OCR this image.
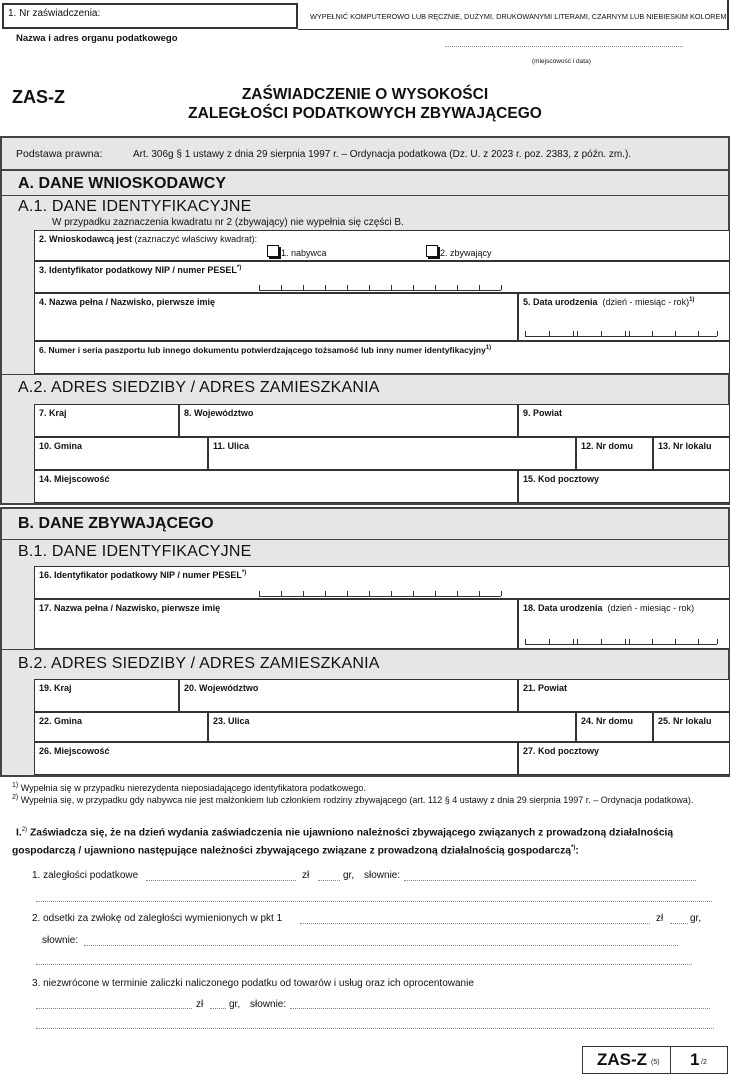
1. Nr zaświadczenia:	WYPEŁNIĆ KOMPUTEROWO LUB RĘCZNIE, DUŻYMI, DRUKOWANYMI LITERAMI, CZARNYM LUB NIEBIESKIM KOLOREM.
Nazwa i adres organu podatkowego
(miejscowość i data)
ZAS-Z	ZAŚWIADCZENIE O WYSOKOŚCI
ZALEGŁOŚCI PODATKOWYCH ZBYWAJĄCEGO
Podstawa prawna:	Art. 306g § 1 ustawy z dnia 29 sierpnia 1997 r. – Ordynacja podatkowa (Dz. U. z 2023 r. poz. 2383, z późn. zm.).
A. DANE WNIOSKODAWCY
A.1. DANE IDENTYFIKACYJNE
W przypadku zaznaczenia kwadratu nr 2 (zbywający) nie wypełnia się części B.
2. Wnioskodawcą jest (zaznaczyć właściwy kwadrat):
1. nabywca	2. zbywający
3. Identyfikator podatkowy NIP / numer PESEL*)
4. Nazwa pełna / Nazwisko, pierwsze imię	5. Data urodzenia (dzień - miesiąc - rok)$^{1)}$
6. Numer i seria paszportu lub innego dokumentu potwierdzającego tożsamość lub inny numer identyfikacyjny$^{1)}$
A.2. ADRES SIEDZIBY / ADRES ZAMIESZKANIA
7. Kraj	8. Województwo	9. Powiat
10. Gmina	11. Ulica	12. Nr domu	13. Nr lokalu
14. Miejscowość	15. Kod pocztowy
B. DANE ZBYWAJĄCEGO
B.1. DANE IDENTYFIKACYJNE
16. Identyfikator podatkowy NIP / numer PESEL*)
17. Nazwa pełna / Nazwisko, pierwsze imię	18. Data urodzenia (dzień - miesiąc - rok)
B.2. ADRES SIEDZIBY / ADRES ZAMIESZKANIA
19. Kraj	20. Województwo	21. Powiat
22. Gmina	23. Ulica	24. Nr domu	25. Nr lokalu
26. Miejscowość	27. Kod pocztowy
$^{1)}$ Wypełnia się w przypadku nierezydenta nieposiadającego identyfikatora podatkowego.
$^{2)}$ Wypełnia się, w przypadku gdy nabywca nie jest małżonkiem lub członkiem rodziny zbywającego (art. 112 § 4 ustawy z dnia 29 sierpnia 1997 r. – Ordynacja podatkowa).
I.$^{2)}$ Zaświadcza się, że na dzień wydania zaświadczenia nie ujawniono należności zbywającego związanych z prowadzoną działalnością
gospodarczą / ujawniono następujące należności zbywającego związane z prowadzoną działalnością gospodarczą*):
1. zaległości podatkowe	zł	gr, słownie:
2. odsetki za zwłokę od zaległości wymienionych w pkt 1	zł	gr,
słownie:
3. niezwrócone w terminie zaliczki naliczonego podatku od towarów i usług oraz ich oprocentowanie
zł	gr, słownie:
ZAS-Z (5) 1 /2
